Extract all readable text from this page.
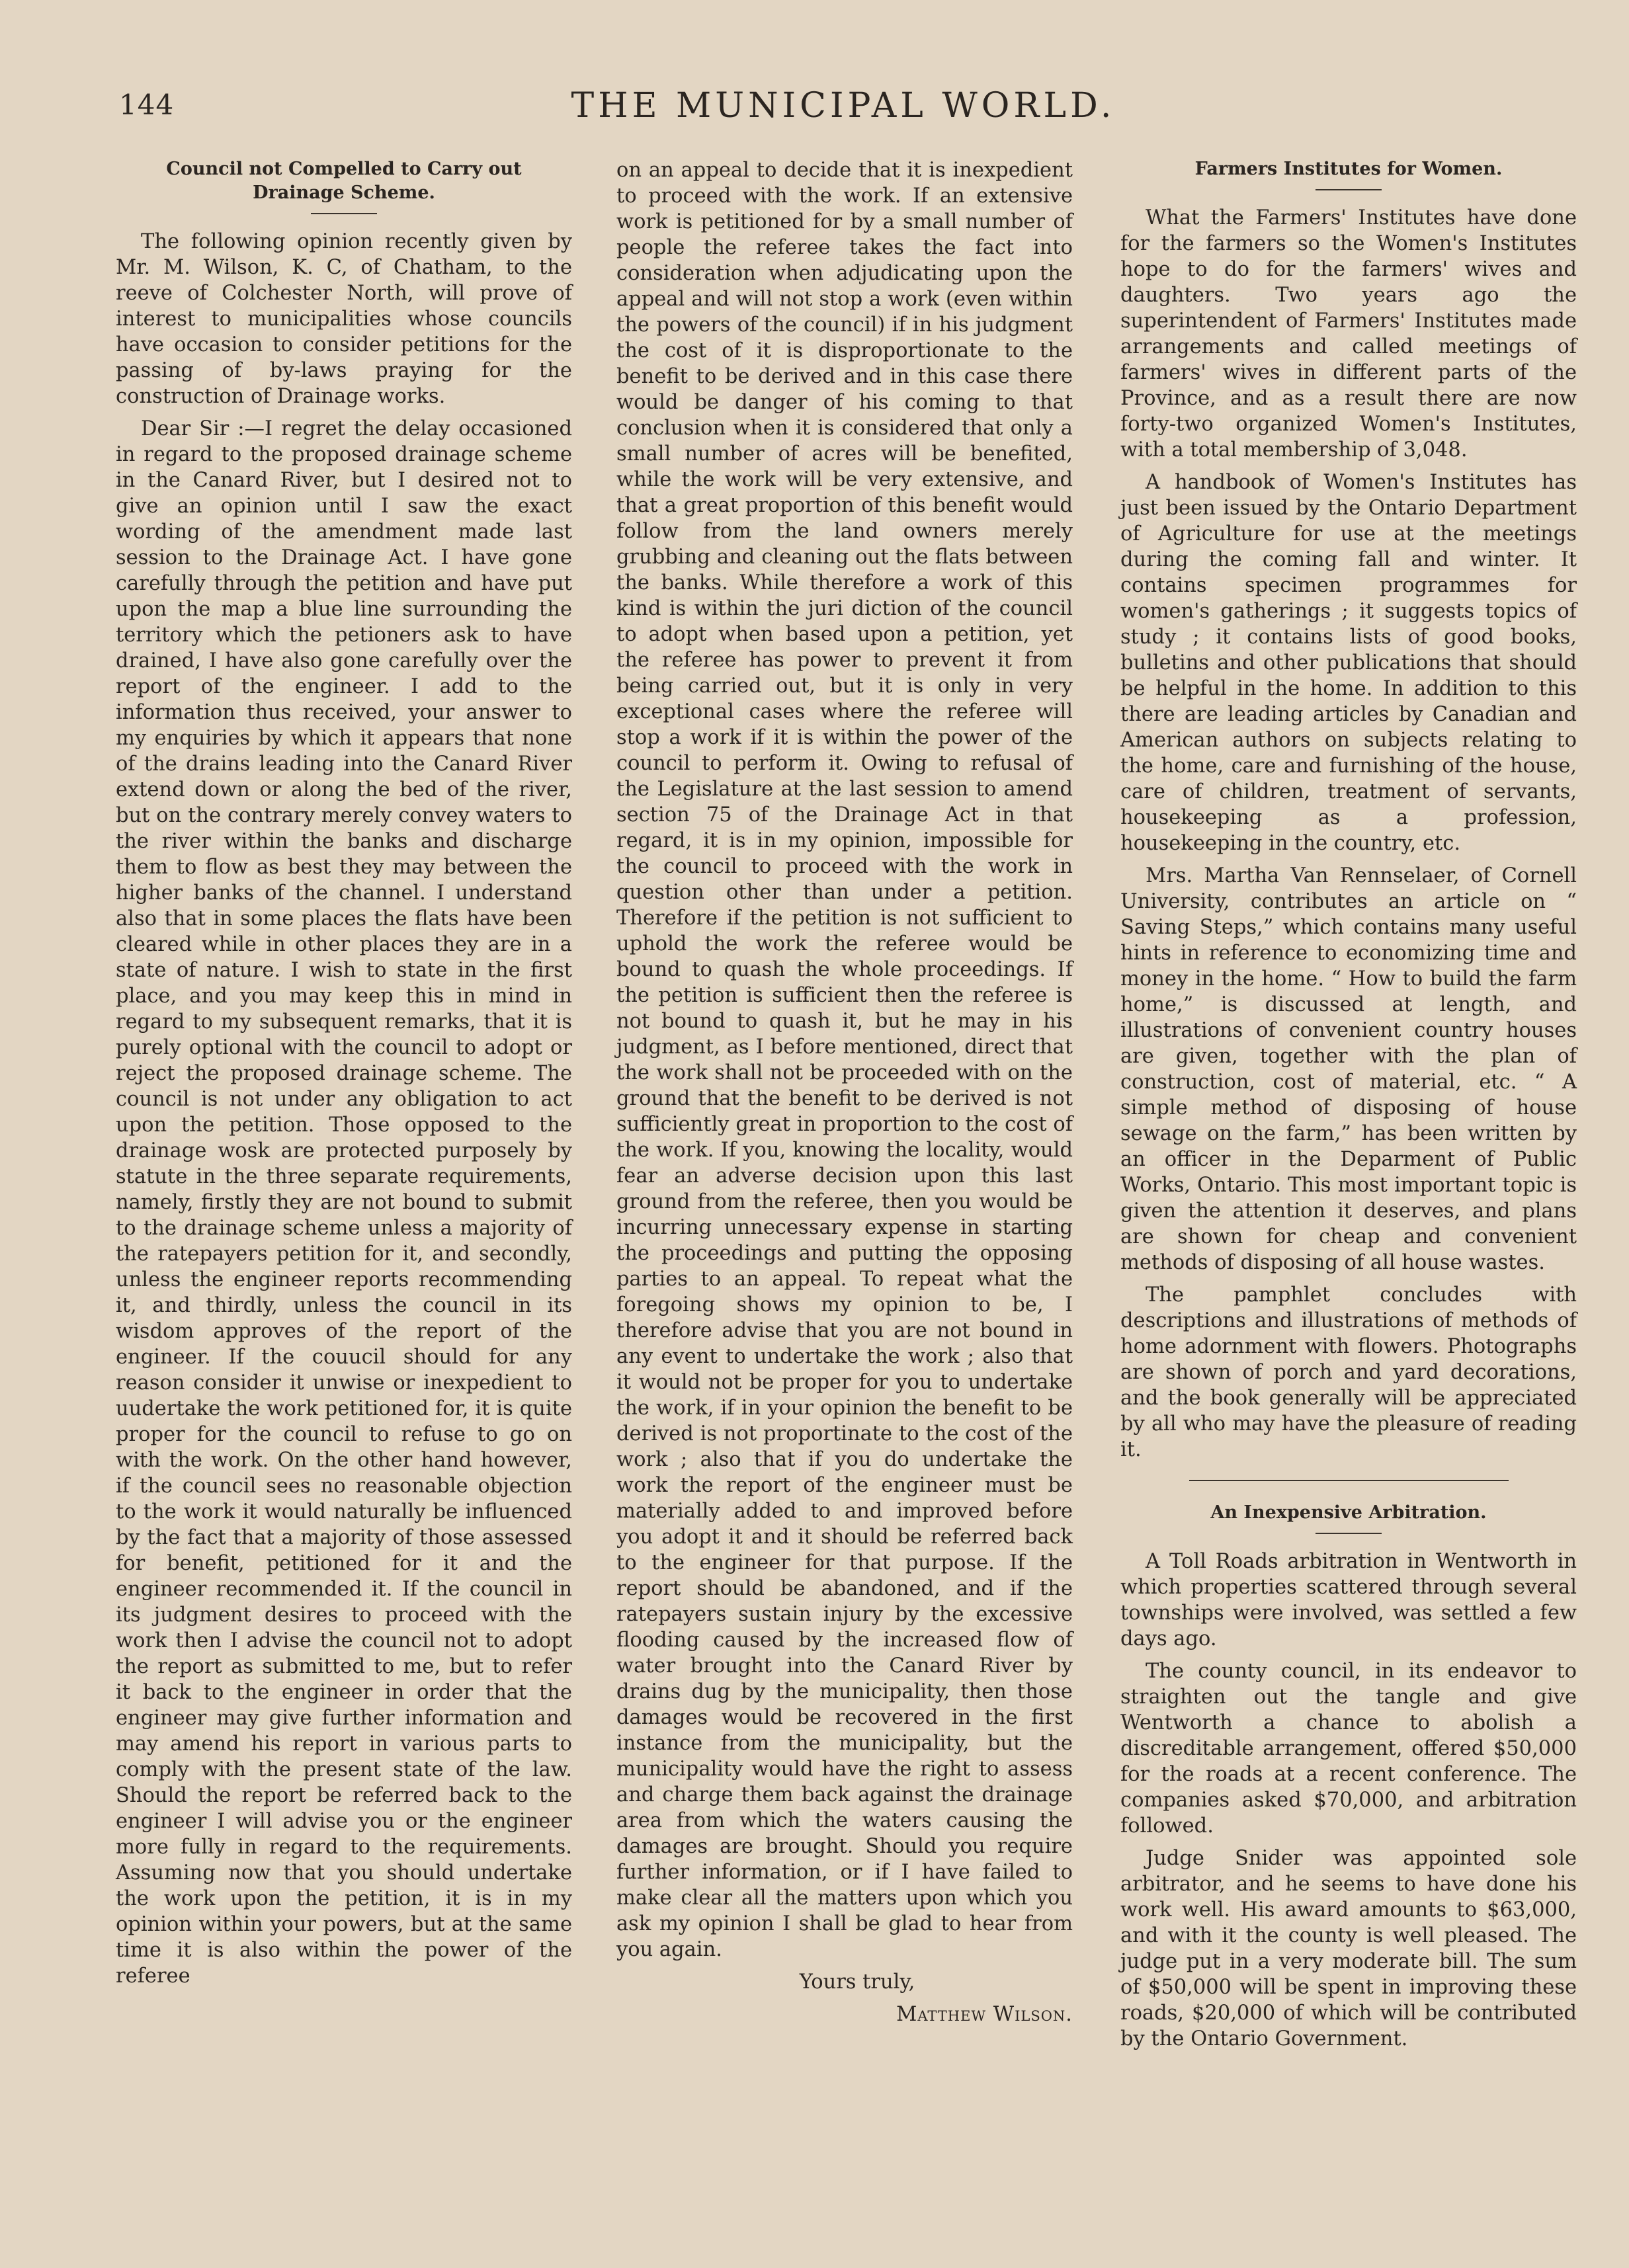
144	THE MUNICIPAL WORLD.
Council not Compelled to Carry out Drainage Scheme.

The following opinion recently given by Mr. M. Wilson, K. C, of Chatham, to the reeve of Colchester North, will prove of interest to municipalities whose councils have occasion to consider petitions for the passing of by-laws praying for the construction of Drainage works.

Dear Sir :—I regret the delay occasioned in regard to the proposed drainage scheme in the Canard River, but I desired not to give an opinion until I saw the exact wording of the amendment made last session to the Drainage Act. I have gone carefully through the petition and have put upon the map a blue line surrounding the territory which the petioners ask to have drained, I have also gone carefully over the report of the engineer. I add to the information thus received, your answer to my enquiries by which it appears that none of the drains leading into the Canard River extend down or along the bed of the river, but on the contrary merely convey waters to the river within the banks and discharge them to flow as best they may between the higher banks of the channel. I understand also that in some places the flats have been cleared while in other places they are in a state of nature. I wish to state in the first place, and you may keep this in mind in regard to my subsequent remarks, that it is purely optional with the council to adopt or reject the proposed drainage scheme. The council is not under any obligation to act upon the petition. Those opposed to the drainage wosk are protected purposely by statute in the three separate requirements, namely, firstly they are not bound to submit to the drainage scheme unless a majority of the ratepayers petition for it, and secondly, unless the engineer reports recommending it, and thirdly, unless the council in its wisdom approves of the report of the engineer. If the couucil should for any reason consider it unwise or inexpedient to uudertake the work petitioned for, it is quite proper for the council to refuse to go on with the work. On the other hand however, if the council sees no reasonable objection to the work it would naturally be influenced by the fact that a majority of those assessed for benefit, petitioned for it and the engineer recommended it. If the council in its judgment desires to proceed with the work then I advise the council not to adopt the report as submitted to me, but to refer it back to the engineer in order that the engineer may give further information and may amend his report in various parts to comply with the present state of the law. Should the report be referred back to the engineer I will advise you or the engineer more fully in regard to the requirements. Assuming now that you should undertake the work upon the petition, it is in my opinion within your powers, but at the same time it is also within the power of the referee

on an appeal to decide that it is inexpedient to proceed with the work. If an extensive work is petitioned for by a small number of people the referee takes the fact into consideration when adjudicating upon the appeal and will not stop a work (even within the powers of the council) if in his judgment the cost of it is disproportionate to the benefit to be derived and in this case there would be danger of his coming to that conclusion when it is considered that only a small number of acres will be benefited, while the work will be very extensive, and that a great proportion of this benefit would follow from the land owners merely grubbing and cleaning out the flats between the banks. While therefore a work of this kind is within the juri diction of the council to adopt when based upon a petition, yet the referee has power to prevent it from being carried out, but it is only in very exceptional cases where the referee will stop a work if it is within the power of the council to perform it. Owing to refusal of the Legislature at the last session to amend section 75 of the Drainage Act in that regard, it is in my opinion, impossible for the council to proceed with the work in question other than under a petition. Therefore if the petition is not sufficient to uphold the work the referee would be bound to quash the whole proceedings. If the petition is sufficient then the referee is not bound to quash it, but he may in his judgment, as I before mentioned, direct that the work shall not be proceeded with on the ground that the benefit to be derived is not sufficiently great in proportion to the cost of the work. If you, knowing the locality, would fear an adverse decision upon this last ground from the referee, then you would be incurring unnecessary expense in starting the proceedings and putting the opposing parties to an appeal. To repeat what the foregoing shows my opinion to be, I therefore advise that you are not bound in any event to undertake the work ; also that it would not be proper for you to undertake the work, if in your opinion the benefit to be derived is not proportinate to the cost of the work ; also that if you do undertake the work the report of the engineer must be materially added to and improved before you adopt it and it should be referred back to the engineer for that purpose. If the report should be abandoned, and if the ratepayers sustain injury by the excessive flooding caused by the increased flow of water brought into the Canard River by drains dug by the municipality, then those damages would be recovered in the first instance from the municipality, but the municipality would have the right to assess and charge them back against the drainage area from which the waters causing the damages are brought. Should you require further information, or if I have failed to make clear all the matters upon which you ask my opinion I shall be glad to hear from you again.

Yours truly,

Matthew Wilson.

Farmers Institutes for Women.

What the Farmers' Institutes have done for the farmers so the Women's Institutes hope to do for the farmers' wives and daughters. Two years ago the superintendent of Farmers' Institutes made arrangements and called meetings of farmers' wives in different parts of the Province, and as a result there are now forty-two organized Women's Institutes, with a total membership of 3,048.

A handbook of Women's Institutes has just been issued by the Ontario Department of Agriculture for use at the meetings during the coming fall and winter. It contains specimen programmes for women's gatherings ; it suggests topics of study ; it contains lists of good books, bulletins and other publications that should be helpful in the home. In addition to this there are leading articles by Canadian and American authors on subjects relating to the home, care and furnishing of the house, care of children, treatment of servants, housekeeping as a profession, housekeeping in the country, etc.

Mrs. Martha Van Rennselaer, of Cornell University, contributes an article on “ Saving Steps,” which contains many useful hints in reference to economizing time and money in the home. “ How to build the farm home,” is discussed at length, and illustrations of convenient country houses are given, together with the plan of construction, cost of material, etc. “ A simple method of disposing of house sewage on the farm,” has been written by an officer in the Deparment of Public Works, Ontario. This most important topic is given the attention it deserves, and plans are shown for cheap and convenient methods of disposing of all house wastes.

The pamphlet concludes with descriptions and illustrations of methods of home adornment with flowers. Photographs are shown of porch and yard decorations, and the book generally will be appreciated by all who may have the pleasure of reading it.

An Inexpensive Arbitration.

A Toll Roads arbitration in Wentworth in which properties scattered through several townships were involved, was settled a few days ago.

The county council, in its endeavor to straighten out the tangle and give Wentworth a chance to abolish a discreditable arrangement, offered $50,000 for the roads at a recent conference. The companies asked $70,000, and arbitration followed.

Judge Snider was appointed sole arbitrator, and he seems to have done his work well. His award amounts to $63,000, and with it the county is well pleased. The judge put in a very moderate bill. The sum of $50,000 will be spent in improving these roads, $20,000 of which will be contributed by the Ontario Government.
